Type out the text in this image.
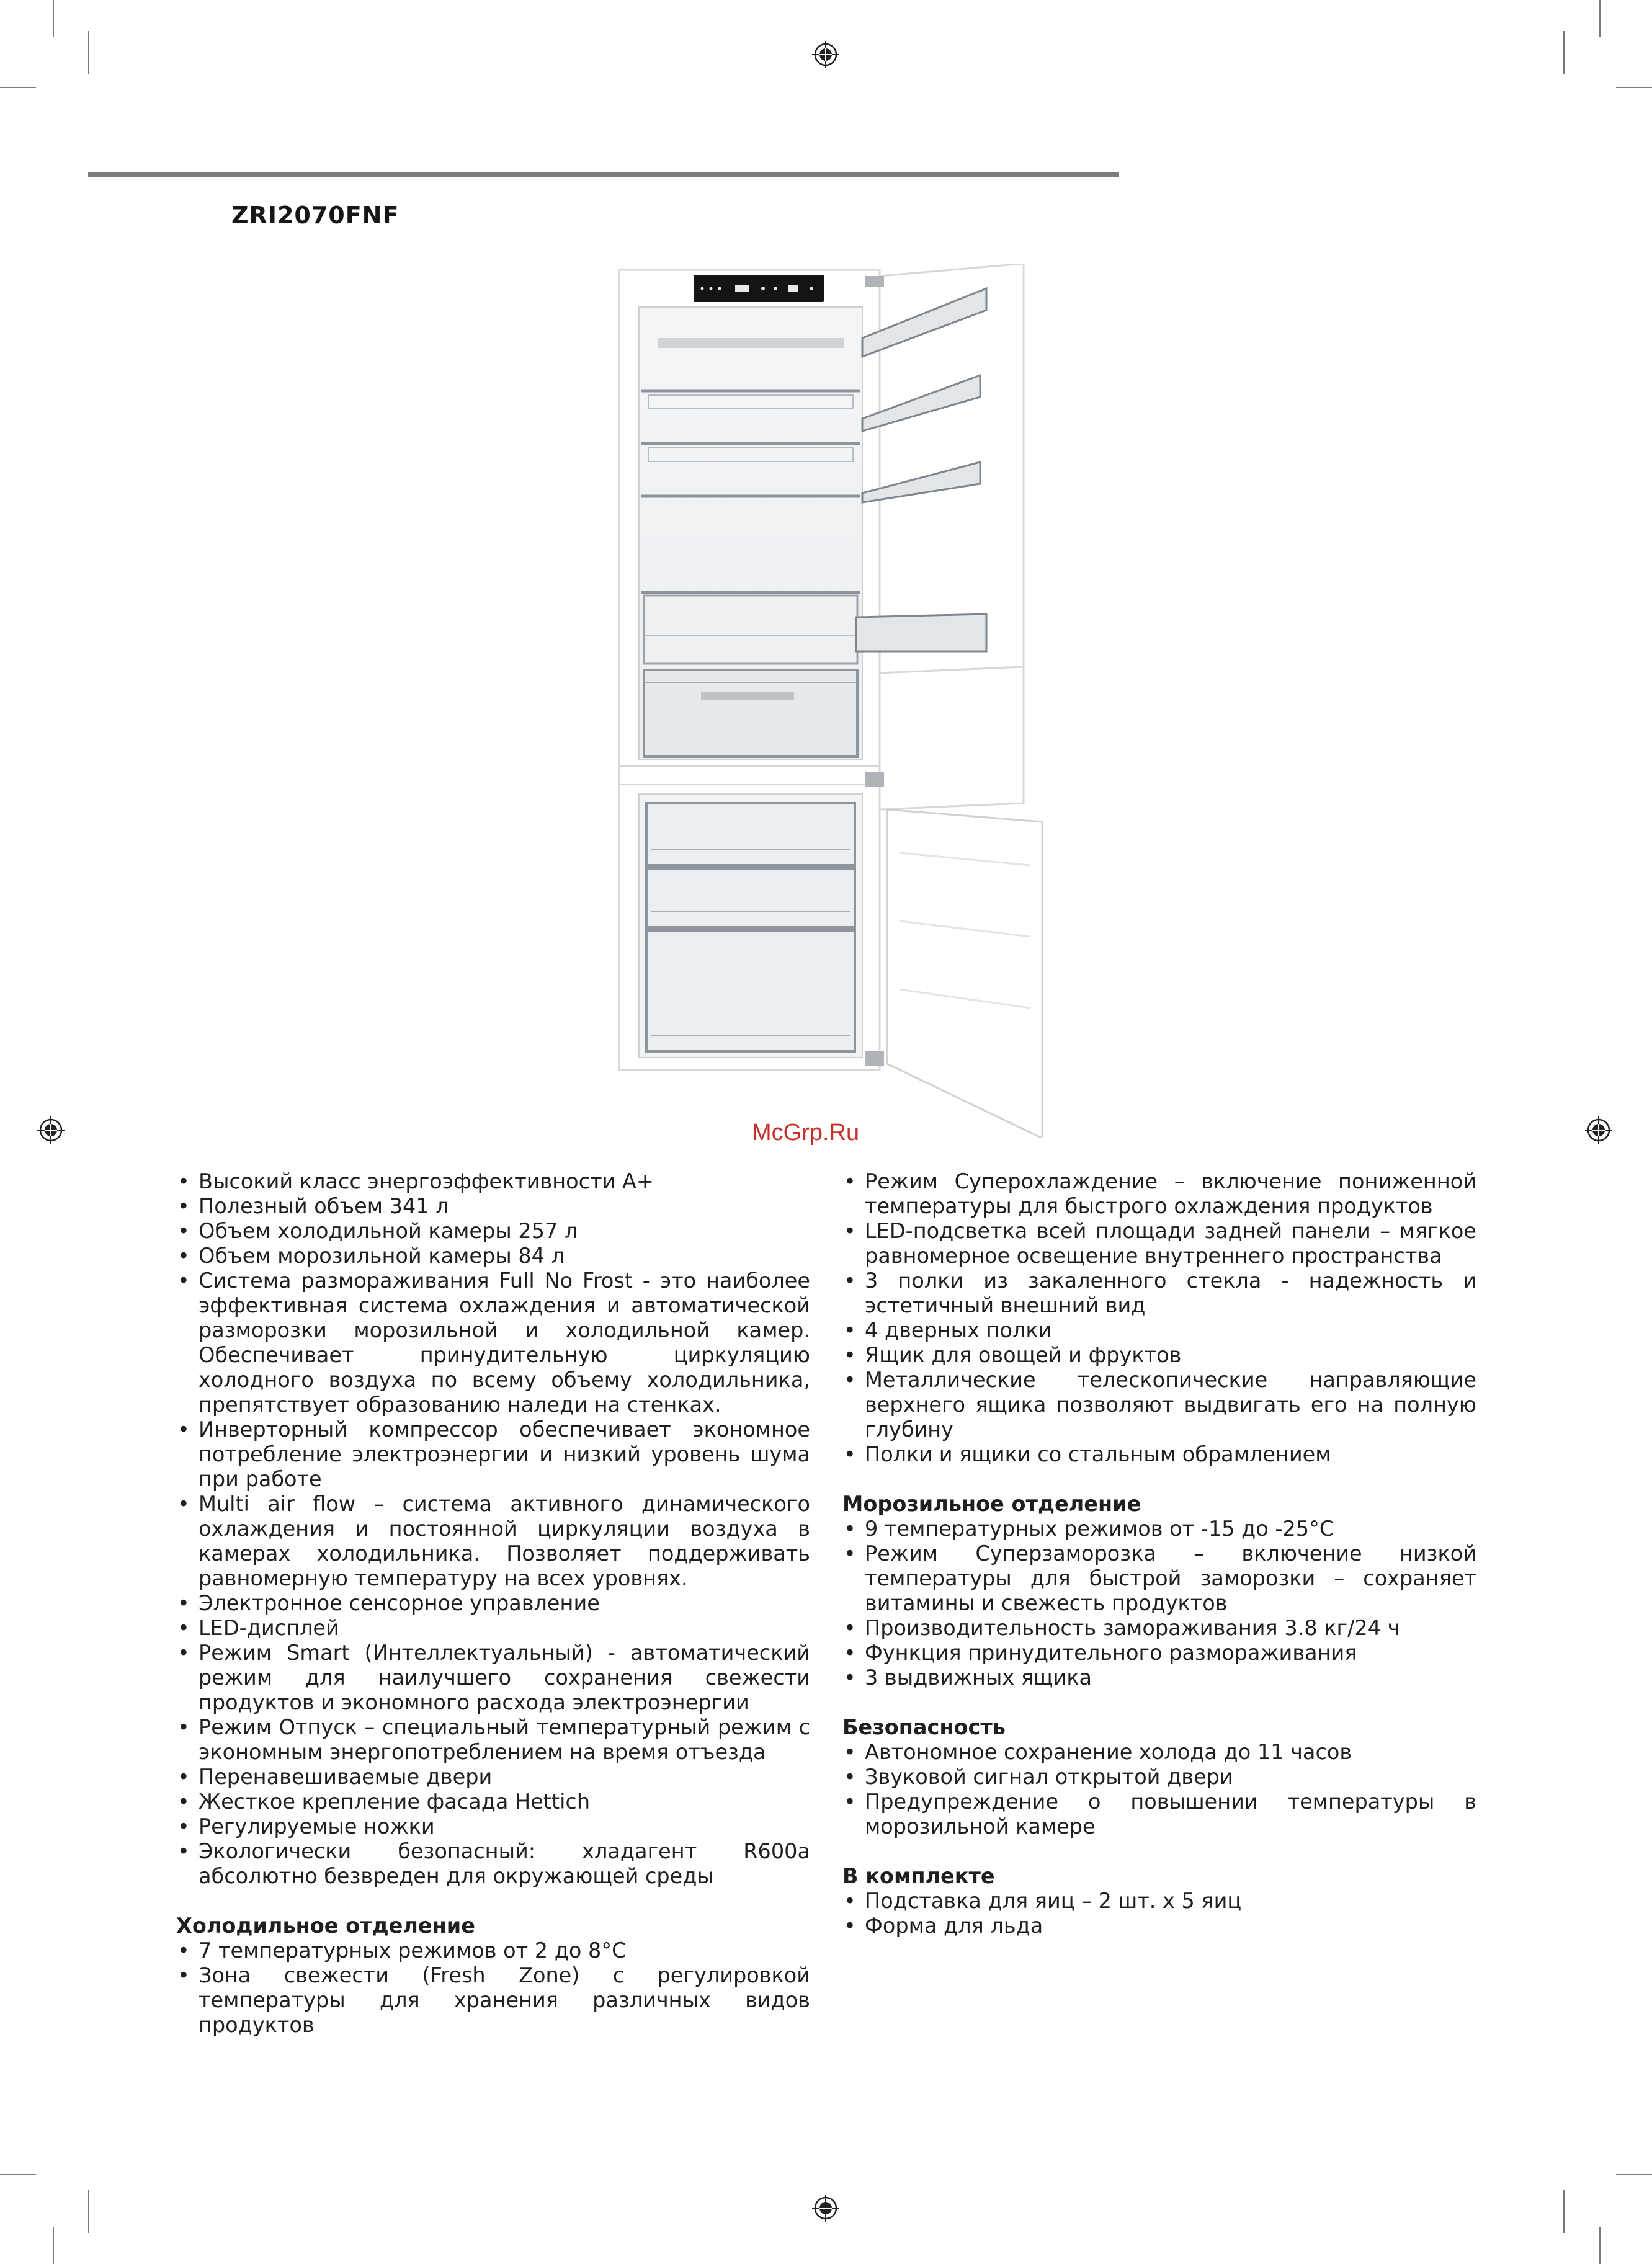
ZRI2070FNF
McGrp.Ru
• Высокий класс энергоэффективности А+
• Полезный объем 341 л
• Объем холодильной камеры 257 л
• Объем морозильной камеры 84 л
• Система размораживания Full No Frost - это наиболее эффективная система охлаждения и автоматической разморозки морозильной и холодильной камер. Обеспечивает принудительную циркуляцию холодного воздуха по всему объему холодильника, препятствует образованию наледи на стенках.
• Инверторный компрессор обеспечивает экономное потребление электроэнергии и низкий уровень шума при работе
• Multi air flow – система активного динамического охлаждения и постоянной циркуляции воздуха в камерах холодильника. Позволяет поддерживать равномерную температуру на всех уровнях.
• Электронное сенсорное управление
• LED-дисплей
• Режим Smart (Интеллектуальный) - автоматический режим для наилучшего сохранения свежести продуктов и экономного расхода электроэнергии
• Режим Отпуск – специальный температурный режим с экономным энергопотреблением на время отъезда
• Перенавешиваемые двери
• Жесткое крепление фасада Hettich
• Регулируемые ножки
• Экологически безопасный: хладагент R600a абсолютно безвреден для окружающей среды
Холодильное отделение
• 7 температурных режимов от 2 до 8°С
• Зона свежести (Fresh Zone) с регулировкой температуры для хранения различных видов продуктов
• Режим Суперохлаждение – включение пониженной температуры для быстрого охлаждения продуктов
• LED-подсветка всей площади задней панели – мягкое равномерное освещение внутреннего пространства
• 3 полки из закаленного стекла - надежность и эстетичный внешний вид
• 4 дверных полки
• Ящик для овощей и фруктов
• Металлические телескопические направляющие верхнего ящика позволяют выдвигать его на полную глубину
• Полки и ящики со стальным обрамлением
Морозильное отделение
• 9 температурных режимов от -15 до -25°С
• Режим Суперзаморозка – включение низкой температуры для быстрой заморозки – сохраняет витамины и свежесть продуктов
• Производительность замораживания 3.8 кг/24 ч
• Функция принудительного размораживания
• 3 выдвижных ящика
Безопасность
• Автономное сохранение холода до 11 часов
• Звуковой сигнал открытой двери
• Предупреждение о повышении температуры в морозильной камере
В комплекте
• Подставка для яиц – 2 шт. x 5 яиц
• Форма для льда
